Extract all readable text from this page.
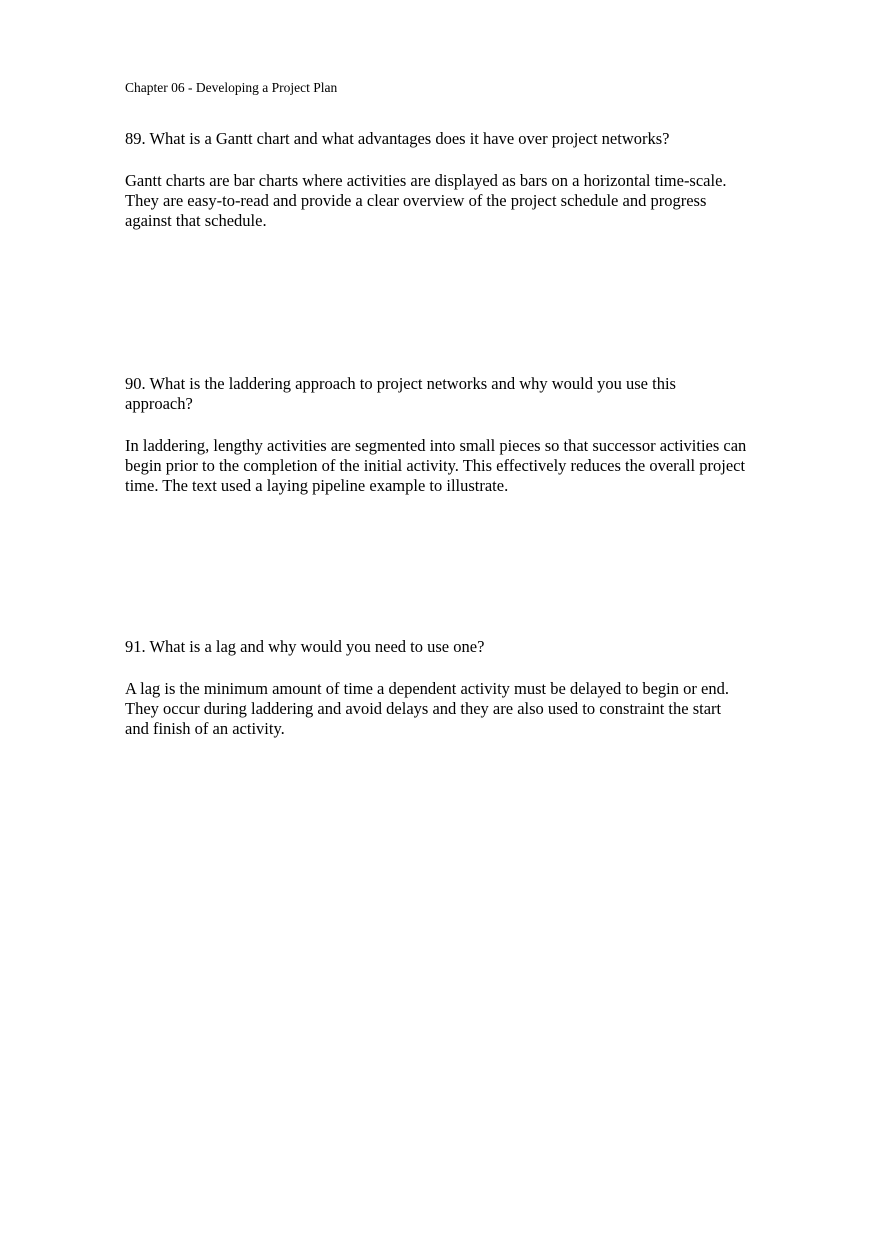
Chapter 06 - Developing a Project Plan

89. What is a Gantt chart and what advantages does it have over project networks?

Gantt charts are bar charts where activities are displayed as bars on a horizontal time-scale.
They are easy-to-read and provide a clear overview of the project schedule and progress
against that schedule.

90. What is the laddering approach to project networks and why would you use this
approach?

In laddering, lengthy activities are segmented into small pieces so that successor activities can
begin prior to the completion of the initial activity. This effectively reduces the overall project
time. The text used a laying pipeline example to illustrate.

91. What is a lag and why would you need to use one?

A lag is the minimum amount of time a dependent activity must be delayed to begin or end.
They occur during laddering and avoid delays and they are also used to constraint the start
and finish of an activity.
